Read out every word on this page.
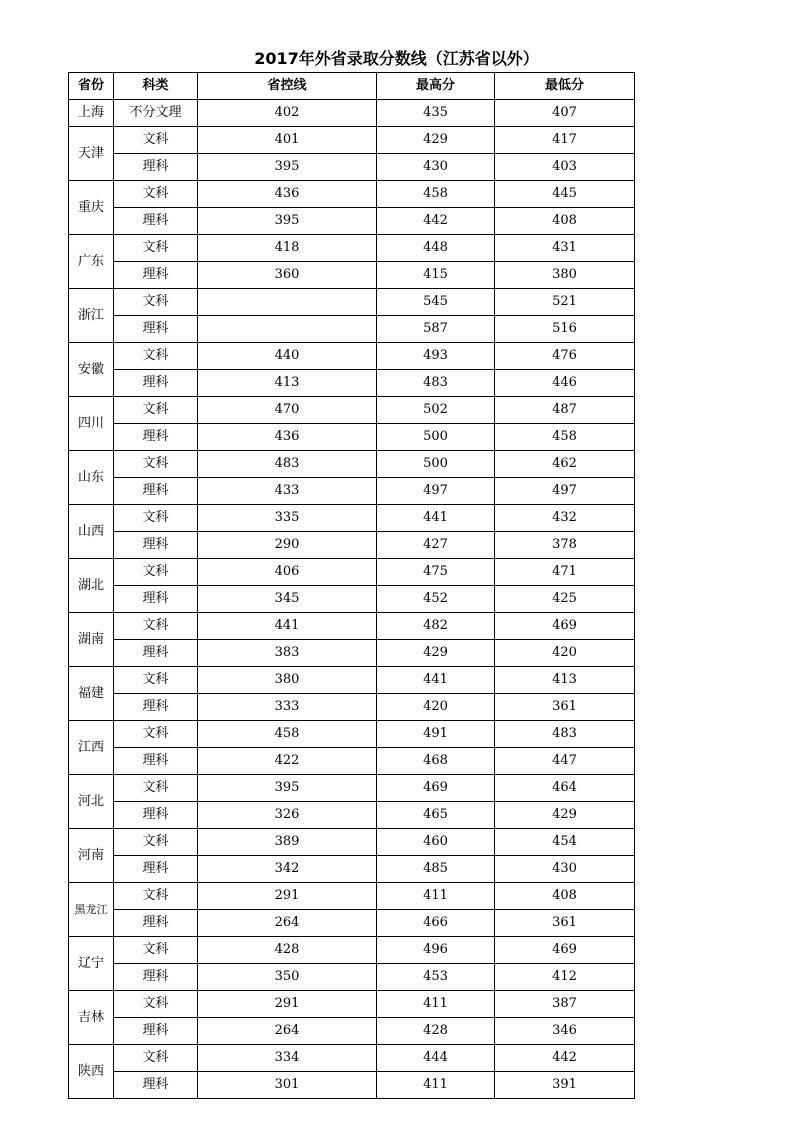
2017年外省录取分数线（江苏省以外）
省份	科类	省控线	最高分	最低分
上海	不分文理	402	435	407
天津	文科	401	429	417
	理科	395	430	403
重庆	文科	436	458	445
	理科	395	442	408
广东	文科	418	448	431
	理科	360	415	380
浙江	文科		545	521
	理科		587	516
安徽	文科	440	493	476
	理科	413	483	446
四川	文科	470	502	487
	理科	436	500	458
山东	文科	483	500	462
	理科	433	497	497
山西	文科	335	441	432
	理科	290	427	378
湖北	文科	406	475	471
	理科	345	452	425
湖南	文科	441	482	469
	理科	383	429	420
福建	文科	380	441	413
	理科	333	420	361
江西	文科	458	491	483
	理科	422	468	447
河北	文科	395	469	464
	理科	326	465	429
河南	文科	389	460	454
	理科	342	485	430
黑龙江	文科	291	411	408
	理科	264	466	361
辽宁	文科	428	496	469
	理科	350	453	412
吉林	文科	291	411	387
	理科	264	428	346
陕西	文科	334	444	442
	理科	301	411	391
